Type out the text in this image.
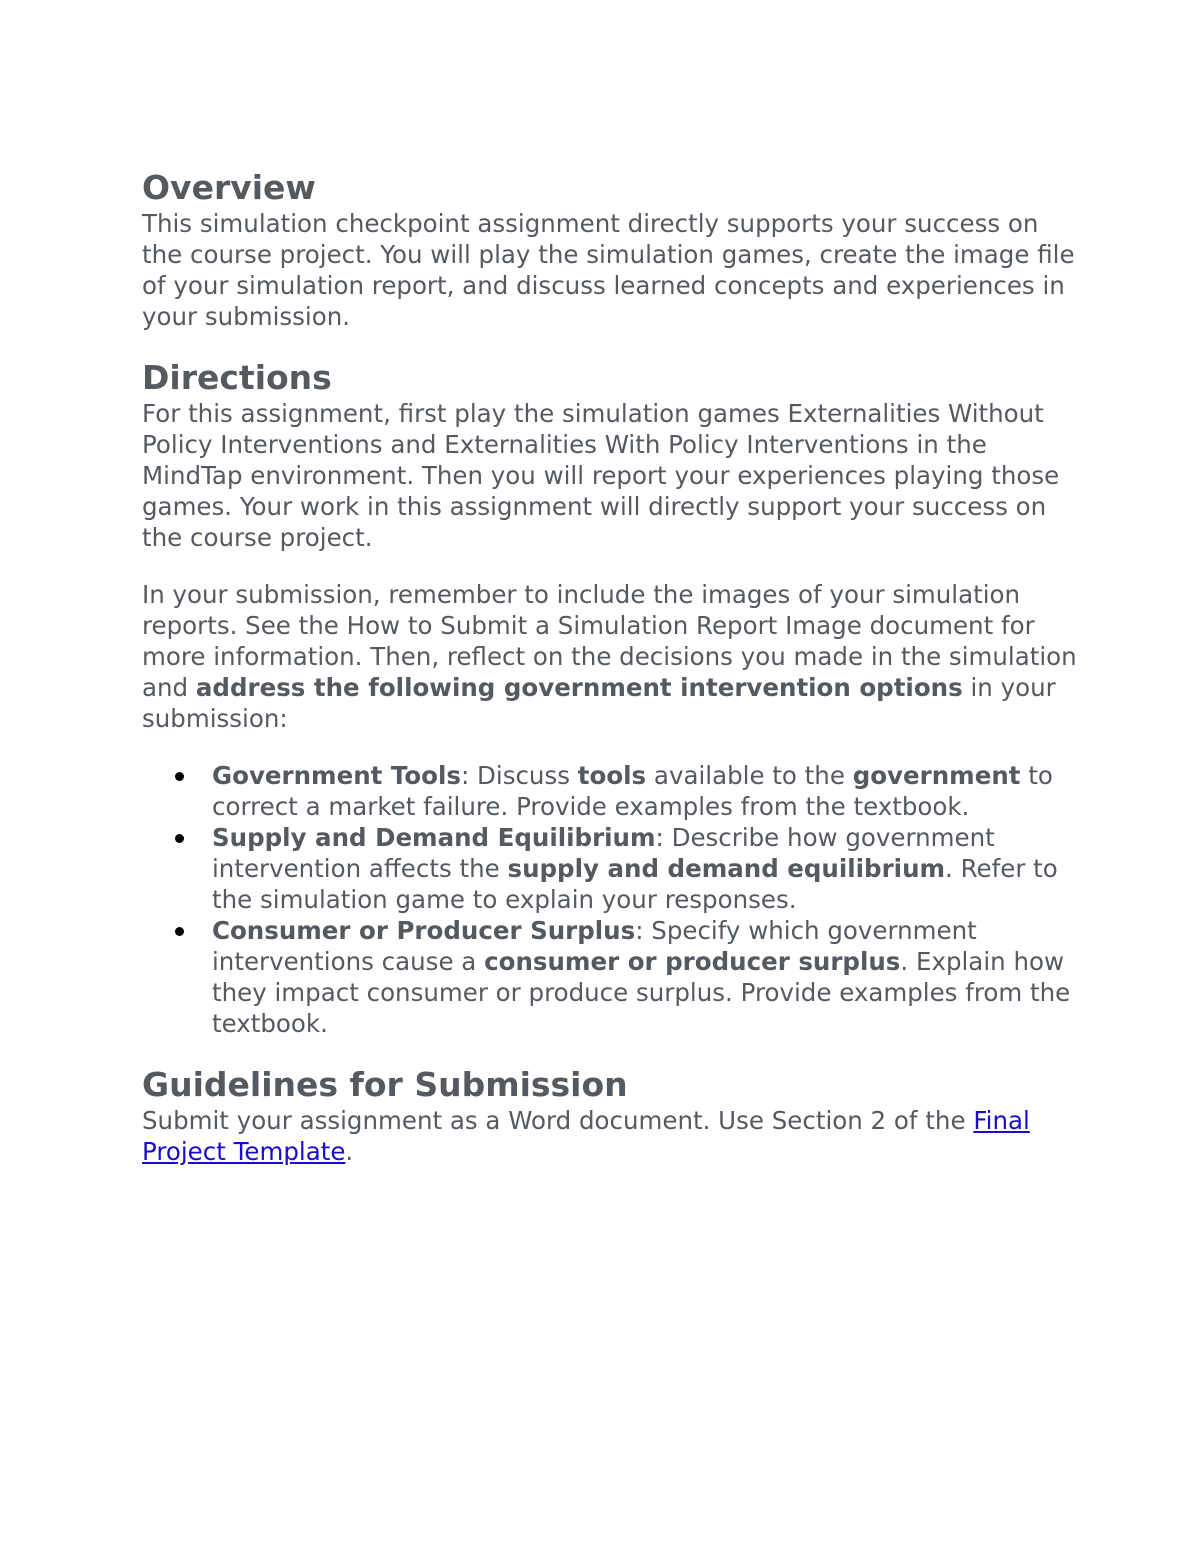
Overview

This simulation checkpoint assignment directly supports your success on the course project. You will play the simulation games, create the image file of your simulation report, and discuss learned concepts and experiences in your submission.

Directions

For this assignment, first play the simulation games Externalities Without Policy Interventions and Externalities With Policy Interventions in the MindTap environment. Then you will report your experiences playing those games. Your work in this assignment will directly support your success on the course project.

In your submission, remember to include the images of your simulation reports. See the How to Submit a Simulation Report Image document for more information. Then, reflect on the decisions you made in the simulation and address the following government intervention options in your submission:

Government Tools: Discuss tools available to the government to correct a market failure. Provide examples from the textbook.
Supply and Demand Equilibrium: Describe how government intervention affects the supply and demand equilibrium. Refer to the simulation game to explain your responses.
Consumer or Producer Surplus: Specify which government interventions cause a consumer or producer surplus. Explain how they impact consumer or produce surplus. Provide examples from the textbook.
Guidelines for Submission

Submit your assignment as a Word document. Use Section 2 of the Final Project Template.
